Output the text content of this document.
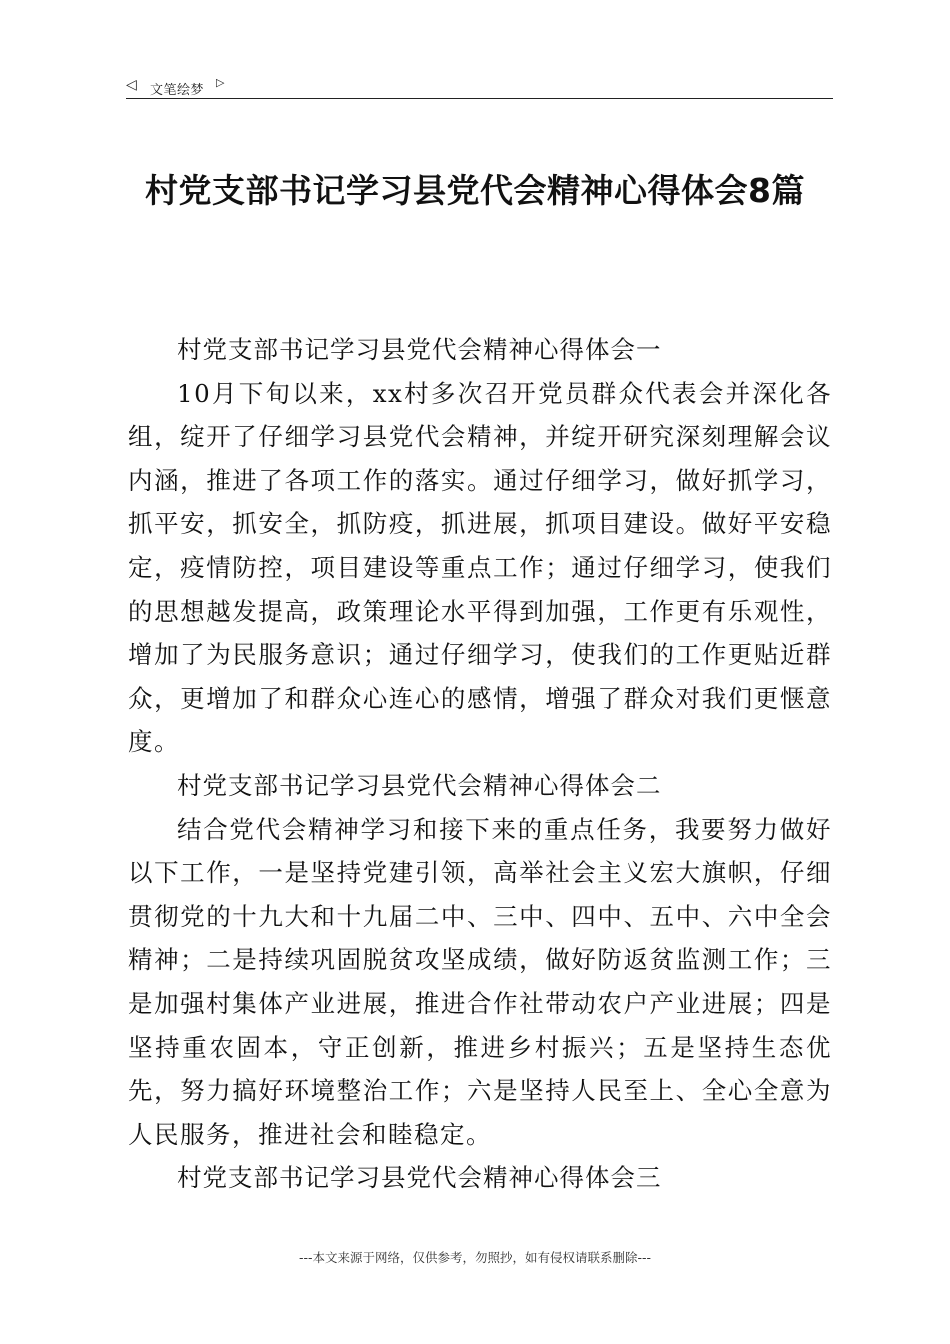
◁ 文笔绘梦
▷
村党支部书记学习县党代会精神心得体会8篇

村党支部书记学习县党代会精神心得体会一

10月下旬以来，xx村多次召开党员群众代表会并深化各组，绽开了仔细学习县党代会精神，并绽开研究深刻理解会议内涵，推进了各项工作的落实。通过仔细学习，做好抓学习，抓平安，抓安全，抓防疫，抓进展，抓项目建设。做好平安稳定，疫情防控，项目建设等重点工作；通过仔细学习，使我们的思想越发提高，政策理论水平得到加强，工作更有乐观性，增加了为民服务意识；通过仔细学习，使我们的工作更贴近群众，更增加了和群众心连心的感情，增强了群众对我们更惬意度。

村党支部书记学习县党代会精神心得体会二

结合党代会精神学习和接下来的重点任务，我要努力做好以下工作，一是坚持党建引领，高举社会主义宏大旗帜，仔细贯彻党的十九大和十九届二中、三中、四中、五中、六中全会精神；二是持续巩固脱贫攻坚成绩，做好防返贫监测工作；三是加强村集体产业进展，推进合作社带动农户产业进展；四是坚持重农固本，守正创新，推进乡村振兴；五是坚持生态优先，努力搞好环境整治工作；六是坚持人民至上、全心全意为人民服务，推进社会和睦稳定。

村党支部书记学习县党代会精神心得体会三

---本文来源于网络，仅供参考，勿照抄，如有侵权请联系删除---
